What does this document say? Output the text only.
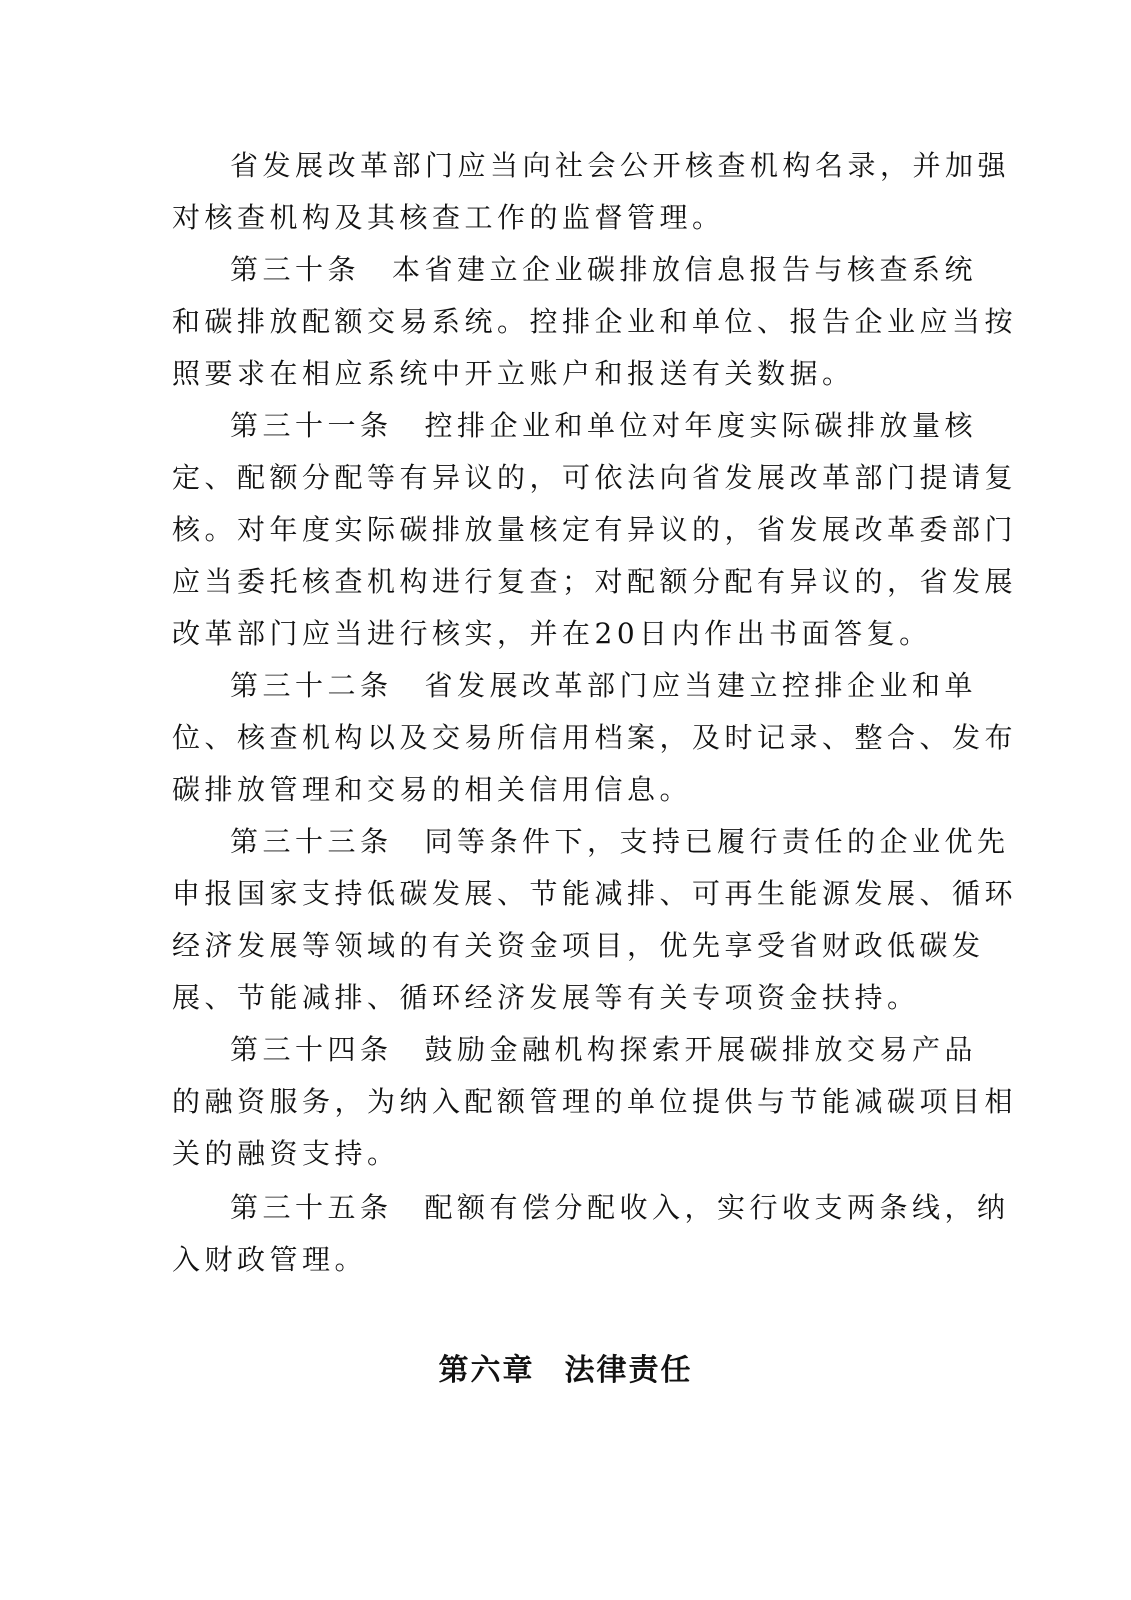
省发展改革部门应当向社会公开核查机构名录，并加强
对核查机构及其核查工作的监督管理。
第三十条 本省建立企业碳排放信息报告与核查系统
和碳排放配额交易系统。控排企业和单位、报告企业应当按
照要求在相应系统中开立账户和报送有关数据。
第三十一条 控排企业和单位对年度实际碳排放量核
定、配额分配等有异议的，可依法向省发展改革部门提请复
核。对年度实际碳排放量核定有异议的，省发展改革委部门
应当委托核查机构进行复查；对配额分配有异议的，省发展
改革部门应当进行核实，并在20日内作出书面答复。
第三十二条 省发展改革部门应当建立控排企业和单
位、核查机构以及交易所信用档案，及时记录、整合、发布
碳排放管理和交易的相关信用信息。
第三十三条 同等条件下，支持已履行责任的企业优先
申报国家支持低碳发展、节能减排、可再生能源发展、循环
经济发展等领域的有关资金项目，优先享受省财政低碳发
展、节能减排、循环经济发展等有关专项资金扶持。
第三十四条 鼓励金融机构探索开展碳排放交易产品
的融资服务，为纳入配额管理的单位提供与节能减碳项目相
关的融资支持。
第三十五条 配额有偿分配收入，实行收支两条线，纳
入财政管理。
第六章 法律责任
